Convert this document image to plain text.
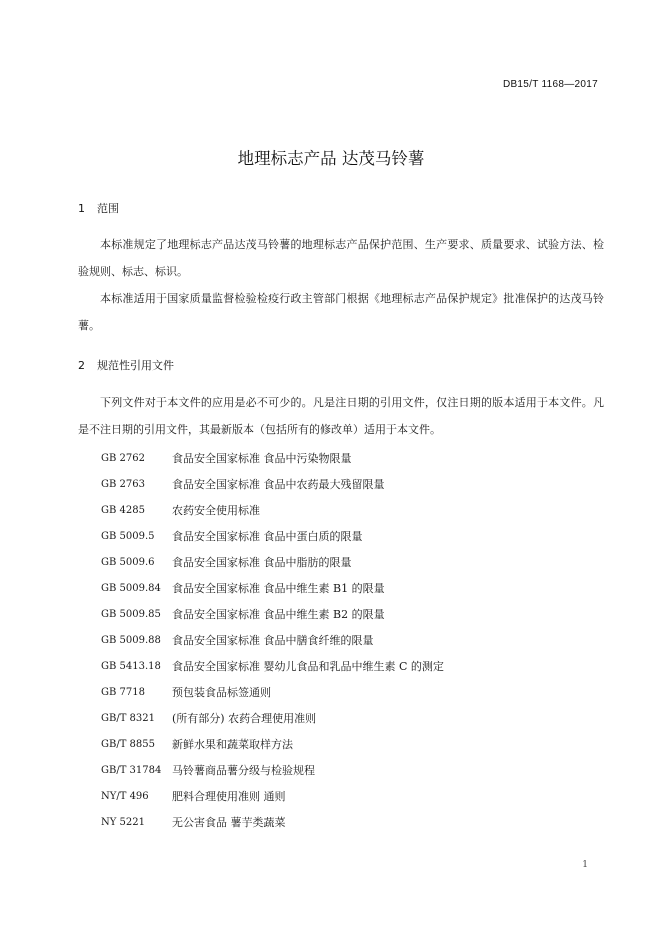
DB15/T 1168—2017
地理标志产品 达茂马铃薯
1 范围

本标准规定了地理标志产品达茂马铃薯的地理标志产品保护范围、生产要求、质量要求、试验方法、检验规则、标志、标识。

本标准适用于国家质量监督检验检疫行政主管部门根据《地理标志产品保护规定》批准保护的达茂马铃薯。

2 规范性引用文件

下列文件对于本文件的应用是必不可少的。凡是注日期的引用文件，仅注日期的版本适用于本文件。凡是不注日期的引用文件，其最新版本（包括所有的修改单）适用于本文件。

GB 2762	食品安全国家标准 食品中污染物限量
GB 2763	食品安全国家标准 食品中农药最大残留限量
GB 4285	农药安全使用标准
GB 5009.5	食品安全国家标准 食品中蛋白质的限量
GB 5009.6	食品安全国家标准 食品中脂肪的限量
GB 5009.84	食品安全国家标准 食品中维生素 B1 的限量
GB 5009.85	食品安全国家标准 食品中维生素 B2 的限量
GB 5009.88	食品安全国家标准 食品中膳食纤维的限量
GB 5413.18	食品安全国家标准 婴幼儿食品和乳品中维生素 C 的测定
GB 7718	预包装食品标签通则
GB/T 8321	(所有部分) 农药合理使用准则
GB/T 8855	新鲜水果和蔬菜取样方法
GB/T 31784 马铃薯商品薯分级与检验规程
NY/T 496	肥料合理使用准则 通则
NY 5221	无公害食品 薯芋类蔬菜
1
